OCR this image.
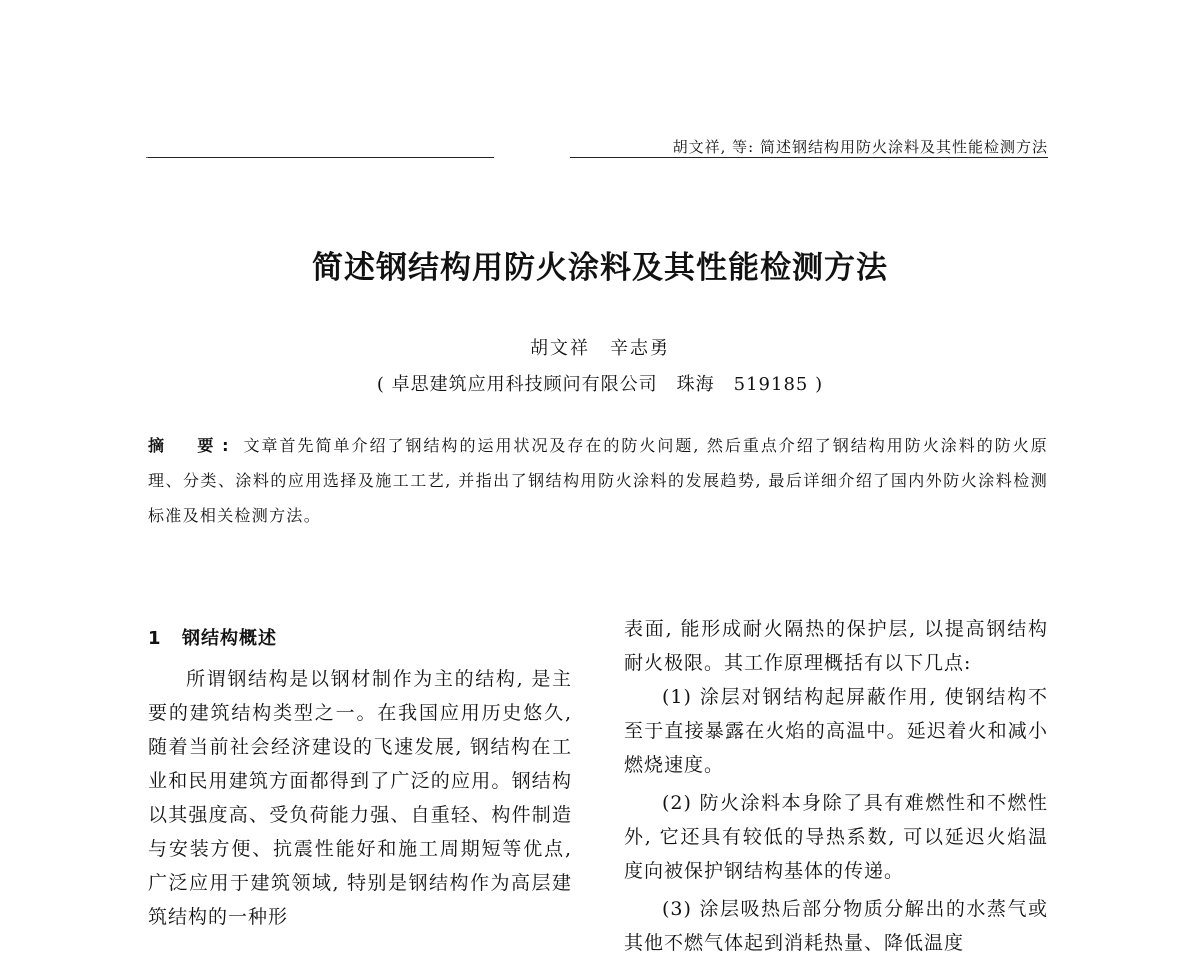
胡文祥, 等: 简述钢结构用防火涂料及其性能检测方法
简述钢结构用防火涂料及其性能检测方法
胡文祥　辛志勇
( 卓思建筑应用科技顾问有限公司　珠海　519185 )
摘　要: 文章首先简单介绍了钢结构的运用状况及存在的防火问题, 然后重点介绍了钢结构用防火涂料的防火原理、分类、涂料的应用选择及施工工艺, 并指出了钢结构用防火涂料的发展趋势, 最后详细介绍了国内外防火涂料检测标准及相关检测方法。
1 钢结构概述

所谓钢结构是以钢材制作为主的结构, 是主要的建筑结构类型之一。在我国应用历史悠久, 随着当前社会经济建设的飞速发展, 钢结构在工业和民用建筑方面都得到了广泛的应用。钢结构以其强度高、受负荷能力强、自重轻、构件制造与安装方便、抗震性能好和施工周期短等优点, 广泛应用于建筑领域, 特别是钢结构作为高层建筑结构的一种形

表面, 能形成耐火隔热的保护层, 以提高钢结构耐火极限。其工作原理概括有以下几点:

(1) 涂层对钢结构起屏蔽作用, 使钢结构不至于直接暴露在火焰的高温中。延迟着火和减小燃烧速度。

(2) 防火涂料本身除了具有难燃性和不燃性外, 它还具有较低的导热系数, 可以延迟火焰温度向被保护钢结构基体的传递。

(3) 涂层吸热后部分物质分解出的水蒸气或其他不燃气体起到消耗热量、降低温度
